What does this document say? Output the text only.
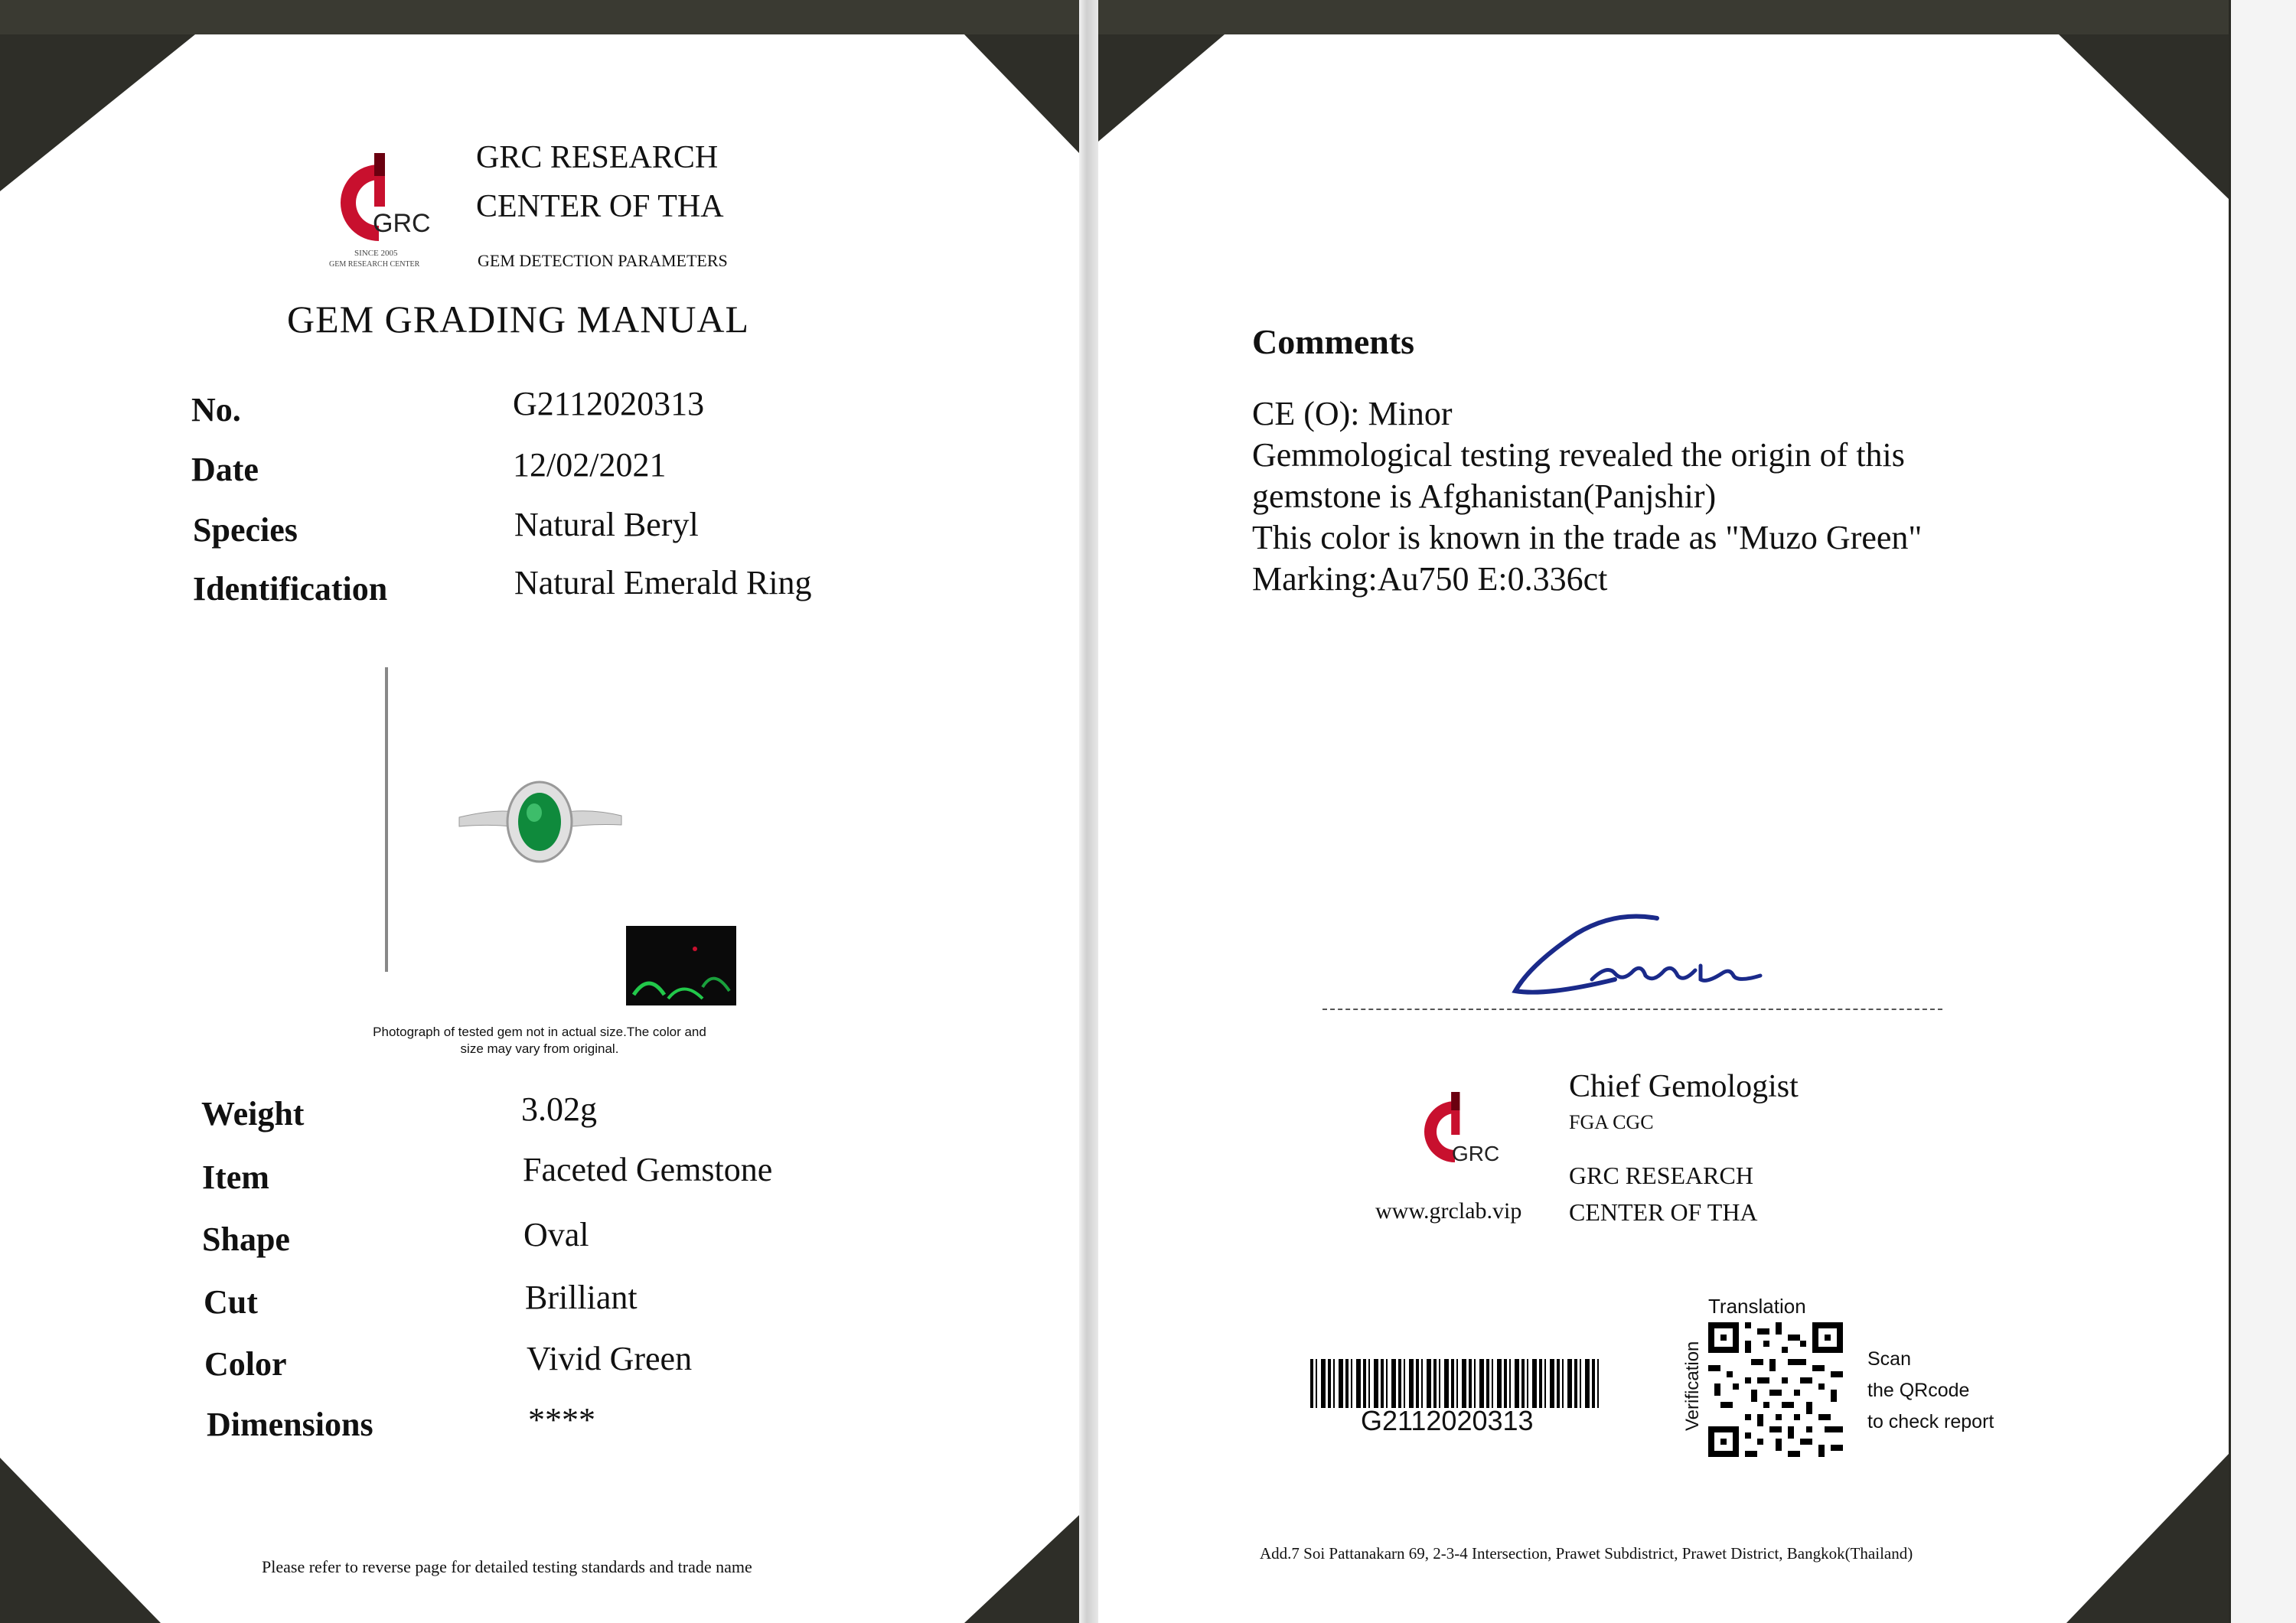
GRC
SINCE 2005
GEM RESEARCH CENTER
GRC RESEARCH
CENTER OF THA
GEM DETECTION PARAMETERS
GEM GRADING MANUAL
No.	G2112020313
Date	12/02/2021
Species	Natural Beryl
Identification	Natural Emerald Ring
Photograph of tested gem not in actual size.The color and
size may vary from original.
Weight	3.02g
Item	Faceted Gemstone
Shape	Oval
Cut	Brilliant
Color	Vivid Green
Dimensions	****
Please refer to reverse page for detailed testing standards and trade name
Comments
CE (O): Minor
Gemmological testing revealed the origin of this
gemstone is Afghanistan(Panjshir)
This color is known in the trade as "Muzo Green"
Marking:Au750 E:0.336ct
GRC
www.grclab.vip
Chief Gemologist
FGA CGC
GRC RESEARCH
CENTER OF THA
G2112020313
Translation
Verification	Scan
the QRcode
to check report
Add.7 Soi Pattanakarn 69, 2-3-4 Intersection, Prawet Subdistrict, Prawet District, Bangkok(Thailand)
